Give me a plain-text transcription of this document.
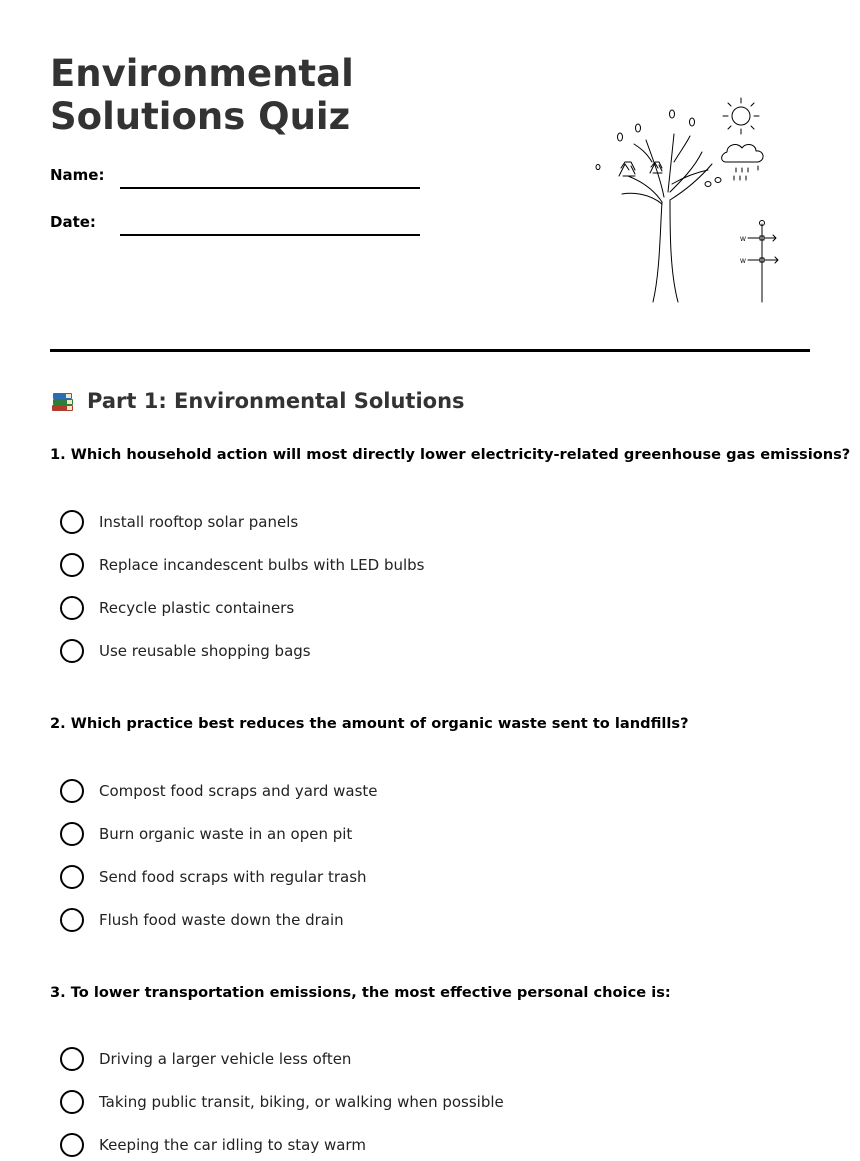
Environmental
Solutions Quiz
Name:
Date:
W
W
Part 1: Environmental Solutions

1. Which household action will most directly lower electricity-related greenhouse gas emissions?

Install rooftop solar panels
Replace incandescent bulbs with LED bulbs
Recycle plastic containers
Use reusable shopping bags

2. Which practice best reduces the amount of organic waste sent to landfills?

Compost food scraps and yard waste
Burn organic waste in an open pit
Send food scraps with regular trash
Flush food waste down the drain

3. To lower transportation emissions, the most effective personal choice is:

Driving a larger vehicle less often
Taking public transit, biking, or walking when possible
Keeping the car idling to stay warm
